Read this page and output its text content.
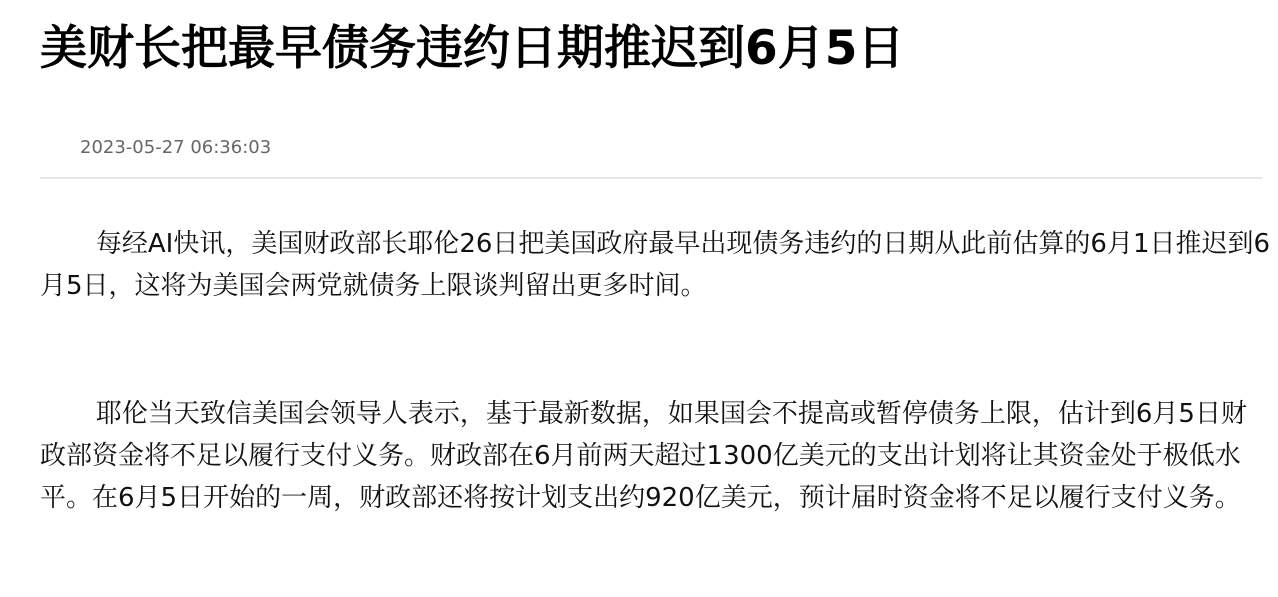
美财长把最早债务违约日期推迟到6月5日
2023-05-27 06:36:03

每经AI快讯，美国财政部长耶伦26日把美国政府最早出现债务违约的日期从此前估算的6月1日推迟到6月5日，这将为美国会两党就债务上限谈判留出更多时间。

耶伦当天致信美国会领导人表示，基于最新数据，如果国会不提高或暂停债务上限，估计到6月5日财政部资金将不足以履行支付义务。财政部在6月前两天超过1300亿美元的支出计划将让其资金处于极低水平。在6月5日开始的一周，财政部还将按计划支出约920亿美元，预计届时资金将不足以履行支付义务。
